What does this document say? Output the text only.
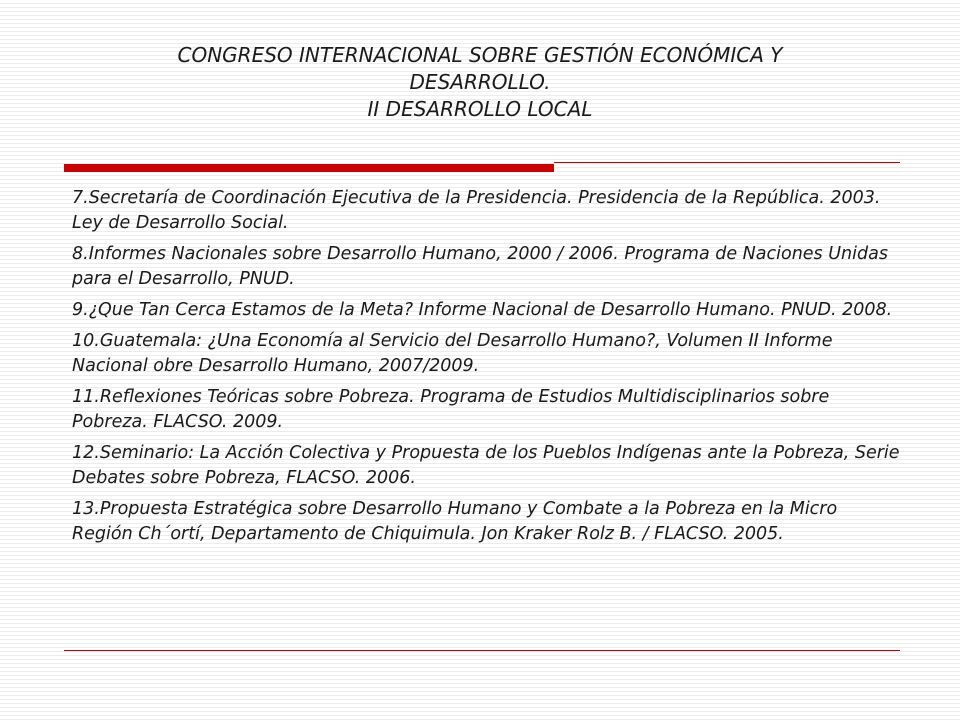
CONGRESO INTERNACIONAL SOBRE GESTIÓN ECONÓMICA Y
DESARROLLO.
II DESARROLLO LOCAL
7.Secretaría de Coordinación Ejecutiva de la Presidencia. Presidencia de la República. 2003. Ley de Desarrollo Social.
8.Informes Nacionales sobre Desarrollo Humano, 2000 / 2006. Programa de Naciones Unidas para el Desarrollo, PNUD.
9.¿Que Tan Cerca Estamos de la Meta? Informe Nacional de Desarrollo Humano. PNUD. 2008.
10.Guatemala: ¿Una Economía al Servicio del Desarrollo Humano?, Volumen II Informe Nacional obre Desarrollo Humano, 2007/2009.
11.Reflexiones Teóricas sobre Pobreza. Programa de Estudios Multidisciplinarios sobre Pobreza. FLACSO. 2009.
12.Seminario: La Acción Colectiva y Propuesta de los Pueblos Indígenas ante la Pobreza, Serie Debates sobre Pobreza, FLACSO. 2006.
13.Propuesta Estratégica sobre Desarrollo Humano y Combate a la Pobreza en la Micro Región Ch´ortí, Departamento de Chiquimula. Jon Kraker Rolz B. / FLACSO. 2005.
